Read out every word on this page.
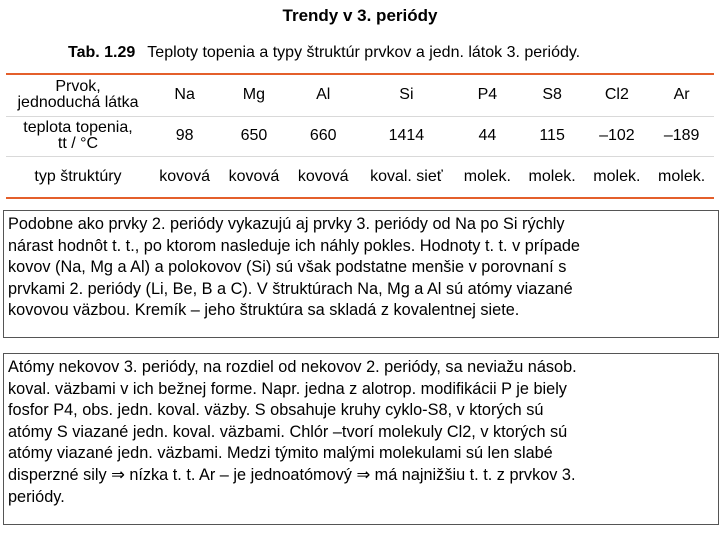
Trendy v 3. periódy
Tab. 1.29 Teploty topenia a typy štruktúr prvkov a jedn. látok 3. periódy.
Prvok,
jednoduchá látka	Na	Mg	Al	Si	P4	S8	Cl2	Ar

teplota topenia,
tt / °C	98	650	660	1414	44	115	–102	–189
typ štruktúry	kovová	kovová	kovová	koval. sieť	molek.	molek.	molek.	molek.
Podobne ako prvky 2. periódy vykazujú aj prvky 3. periódy od Na po Si rýchly
nárast hodnôt t. t., po ktorom nasleduje ich náhly pokles. Hodnoty t. t. v prípade
kovov (Na, Mg a Al) a polokovov (Si) sú však podstatne menšie v porovnaní s
prvkami 2. periódy (Li, Be, B a C). V štruktúrach Na, Mg a Al sú atómy viazané
kovovou väzbou. Kremík – jeho štruktúra sa skladá z kovalentnej siete.
Atómy nekovov 3. periódy, na rozdiel od nekovov 2. periódy, sa neviažu násob.
koval. väzbami v ich bežnej forme. Napr. jedna z alotrop. modifikácii P je biely
fosfor P4, obs. jedn. koval. väzby. S obsahuje kruhy cyklo-S8, v ktorých sú
atómy S viazané jedn. koval. väzbami. Chlór –tvorí molekuly Cl2, v ktorých sú
atómy viazané jedn. väzbami. Medzi týmito malými molekulami sú len slabé
disperzné sily ⇒ nízka t. t. Ar – je jednoatómový ⇒ má najnižšiu t. t. z prvkov 3.
periódy.
